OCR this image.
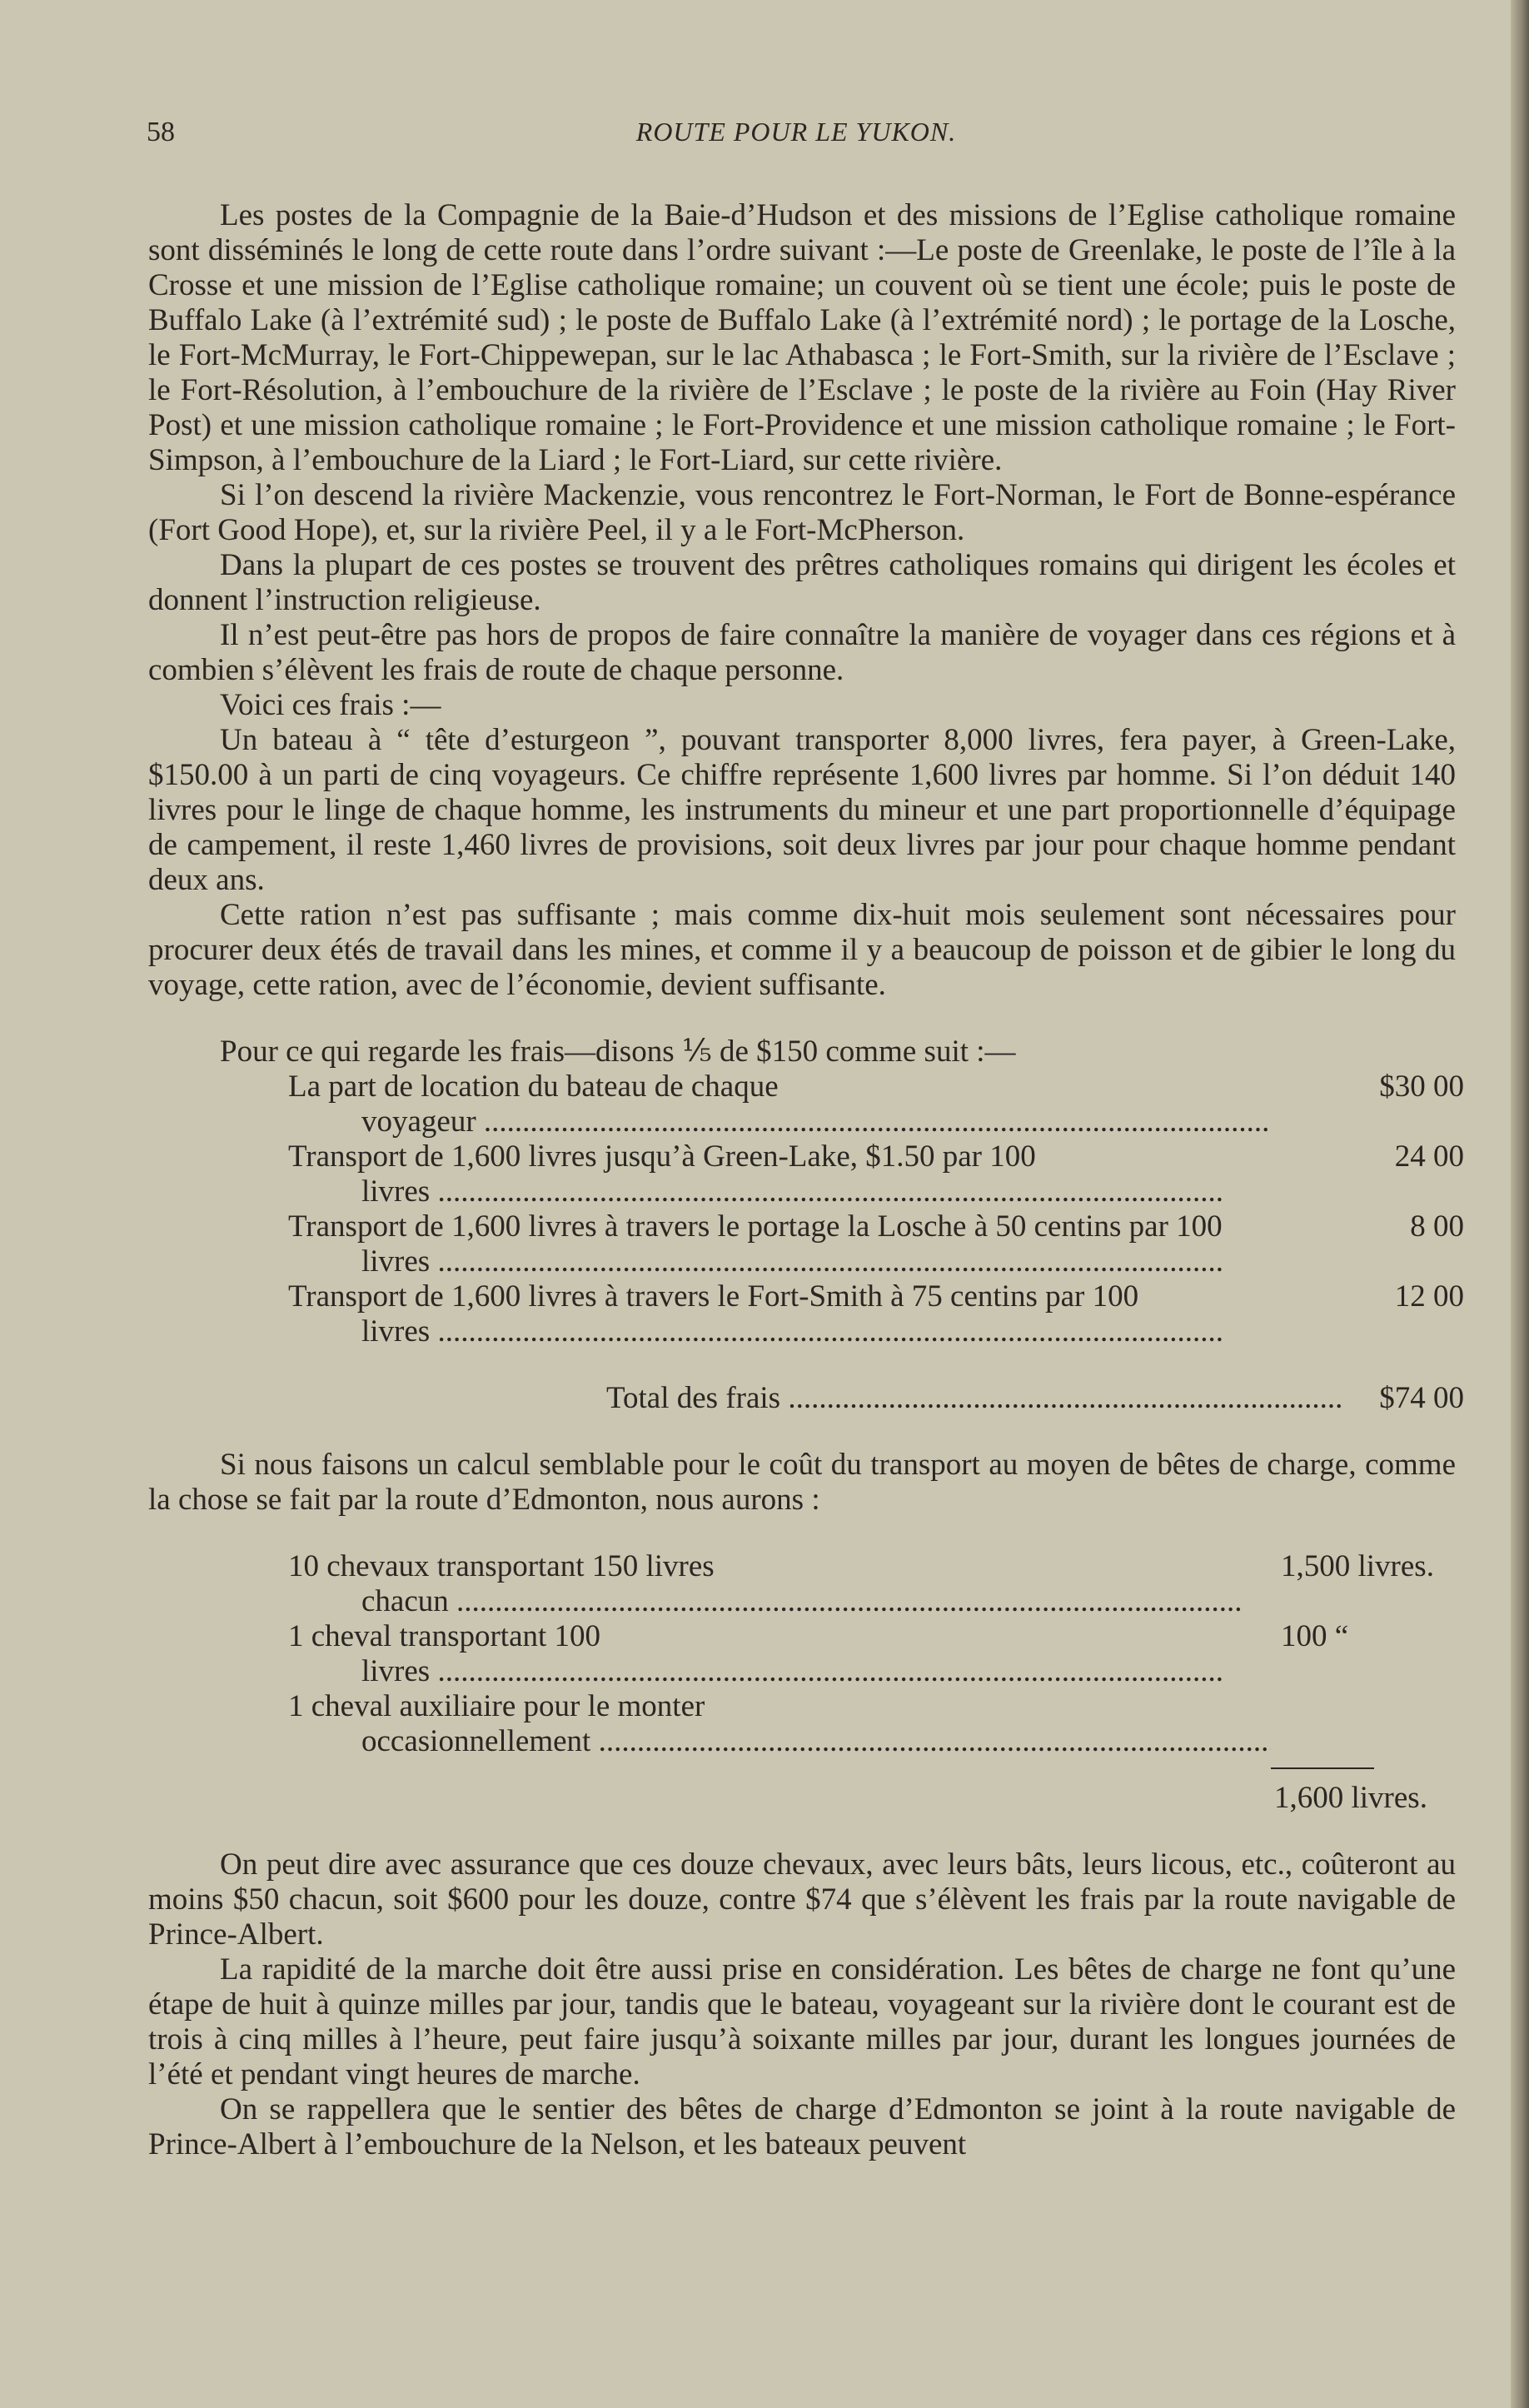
58	ROUTE POUR LE YUKON.

Les postes de la Compagnie de la Baie-d’Hudson et des missions de l’Eglise catholique romaine sont disséminés le long de cette route dans l’ordre suivant :—Le poste de Greenlake, le poste de l’île à la Crosse et une mission de l’Eglise catholique romaine; un couvent où se tient une école; puis le poste de Buffalo Lake (à l’extrémité sud) ; le poste de Buffalo Lake (à l’extrémité nord) ; le portage de la Losche, le Fort-McMurray, le Fort-Chippewepan, sur le lac Athabasca ; le Fort-Smith, sur la rivière de l’Esclave ; le Fort-Résolution, à l’embouchure de la rivière de l’Esclave ; le poste de la rivière au Foin (Hay River Post) et une mission catholique romaine ; le Fort-Providence et une mission catholique romaine ; le Fort-Simpson, à l’embouchure de la Liard ; le Fort-Liard, sur cette rivière.

Si l’on descend la rivière Mackenzie, vous rencontrez le Fort-Norman, le Fort de Bonne-espérance (Fort Good Hope), et, sur la rivière Peel, il y a le Fort-McPherson.

Dans la plupart de ces postes se trouvent des prêtres catholiques romains qui dirigent les écoles et donnent l’instruction religieuse.

Il n’est peut-être pas hors de propos de faire connaître la manière de voyager dans ces régions et à combien s’élèvent les frais de route de chaque personne.

Voici ces frais :—

Un bateau à “ tête d’esturgeon ”, pouvant transporter 8,000 livres, fera payer, à Green-Lake, $150.00 à un parti de cinq voyageurs. Ce chiffre représente 1,600 livres par homme. Si l’on déduit 140 livres pour le linge de chaque homme, les instruments du mineur et une part proportionnelle d’équipage de campement, il reste 1,460 livres de provisions, soit deux livres par jour pour chaque homme pendant deux ans.

Cette ration n’est pas suffisante ; mais comme dix-huit mois seulement sont nécessaires pour procurer deux étés de travail dans les mines, et comme il y a beaucoup de poisson et de gibier le long du voyage, cette ration, avec de l’économie, devient suffisante.

Pour ce qui regarde les frais—disons ⅕ de $150 comme suit :—

La part de location du bateau de chaque voyageur .....
$30 00
Transport de 1,600 livres jusqu’à Green-Lake, $1.50 par 100 livres .....
24 00
Transport de 1,600 livres à travers le portage la Losche à 50 centins par 100 livres .....
8 00
Transport de 1,600 livres à travers le Fort-Smith à 75 centins par 100 livres .....
12 00
Total des frais .....	$74 00

Si nous faisons un calcul semblable pour le coût du transport au moyen de bêtes de charge, comme la chose se fait par la route d’Edmonton, nous aurons :

10 chevaux transportant 150 livres chacun .....
1,500 livres.
1 cheval transportant 100 livres .....
100 “
1 cheval auxiliaire pour le monter occasionnellement .....
1,600 livres.

On peut dire avec assurance que ces douze chevaux, avec leurs bâts, leurs licous, etc., coûteront au moins $50 chacun, soit $600 pour les douze, contre $74 que s’élèvent les frais par la route navigable de Prince-Albert.

La rapidité de la marche doit être aussi prise en considération. Les bêtes de charge ne font qu’une étape de huit à quinze milles par jour, tandis que le bateau, voyageant sur la rivière dont le courant est de trois à cinq milles à l’heure, peut faire jusqu’à soixante milles par jour, durant les longues journées de l’été et pendant vingt heures de marche.

On se rappellera que le sentier des bêtes de charge d’Edmonton se joint à la route navigable de Prince-Albert à l’embouchure de la Nelson, et les bateaux peuvent
